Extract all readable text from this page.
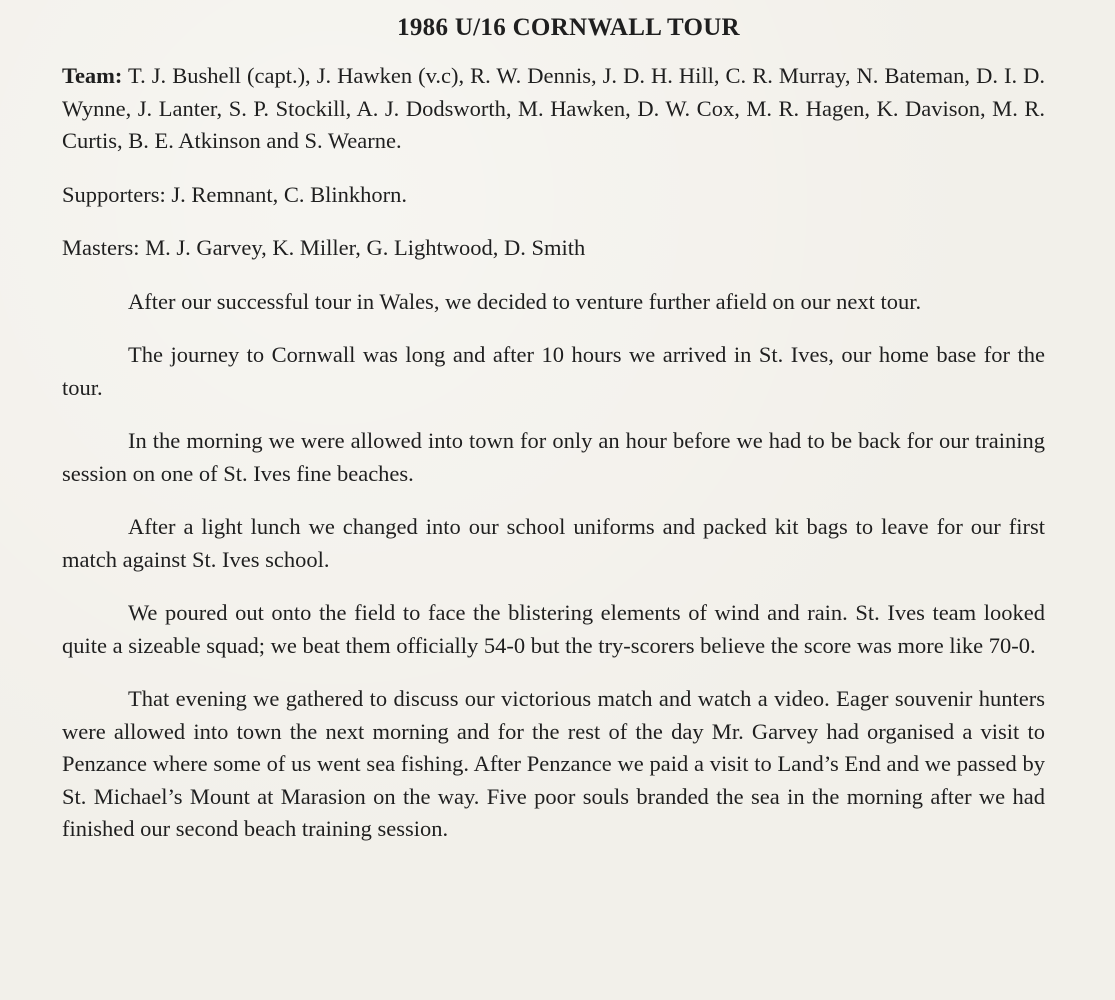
1986 U/16 CORNWALL TOUR

Team: T. J. Bushell (capt.), J. Hawken (v.c), R. W. Dennis, J. D. H. Hill, C. R. Murray, N. Bateman, D. I. D. Wynne, J. Lanter, S. P. Stockill, A. J. Dodsworth, M. Hawken, D. W. Cox, M. R. Hagen, K. Davison, M. R. Curtis, B. E. Atkinson and S. Wearne.

Supporters: J. Remnant, C. Blinkhorn.

Masters: M. J. Garvey, K. Miller, G. Lightwood, D. Smith

After our successful tour in Wales, we decided to venture further afield on our next tour.

The journey to Cornwall was long and after 10 hours we arrived in St. Ives, our home base for the tour.

In the morning we were allowed into town for only an hour before we had to be back for our training session on one of St. Ives fine beaches.

After a light lunch we changed into our school uniforms and packed kit bags to leave for our first match against St. Ives school.

We poured out onto the field to face the blistering elements of wind and rain. St. Ives team looked quite a sizeable squad; we beat them officially 54-0 but the try-scorers believe the score was more like 70-0.

That evening we gathered to discuss our victorious match and watch a video. Eager souvenir hunters were allowed into town the next morning and for the rest of the day Mr. Garvey had organised a visit to Penzance where some of us went sea fishing. After Penzance we paid a visit to Land’s End and we passed by St. Michael’s Mount at Marasion on the way. Five poor souls branded the sea in the morning after we had finished our second beach training session.
